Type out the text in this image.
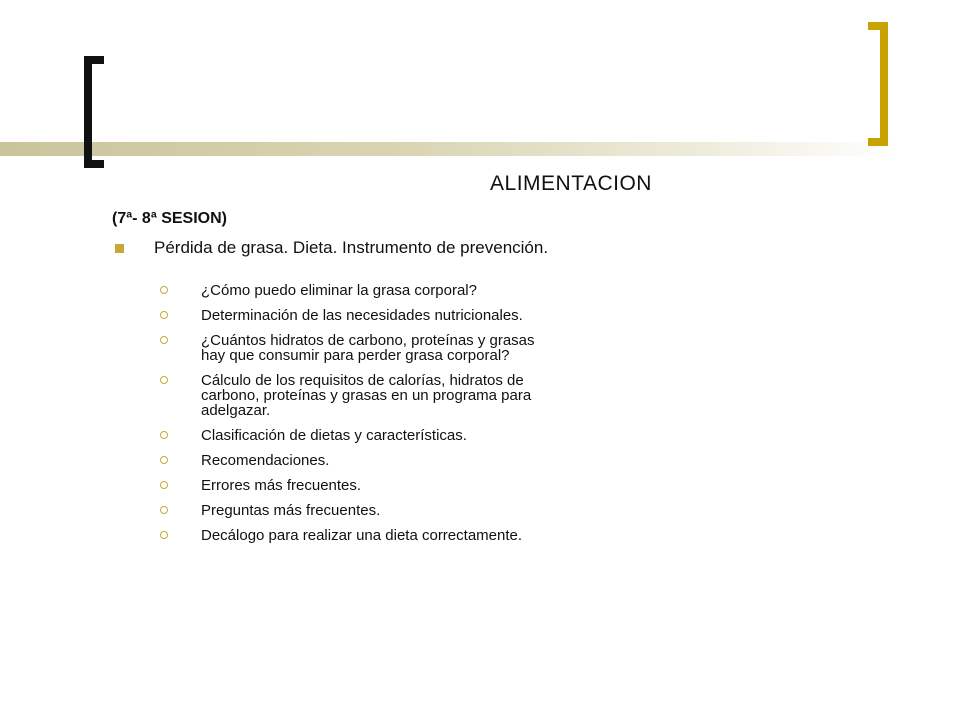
ALIMENTACION
(7ª- 8ª SESION)
Pérdida de grasa. Dieta. Instrumento de prevención.
¿Cómo puedo eliminar la grasa corporal?
Determinación de las necesidades nutricionales.
¿Cuántos hidratos de carbono, proteínas y grasas hay que consumir para perder grasa corporal?
Cálculo de los requisitos de calorías, hidratos de carbono, proteínas y grasas en un programa para adelgazar.
Clasificación de dietas y características.
Recomendaciones.
Errores más frecuentes.
Preguntas más frecuentes.
Decálogo para realizar una dieta correctamente.
